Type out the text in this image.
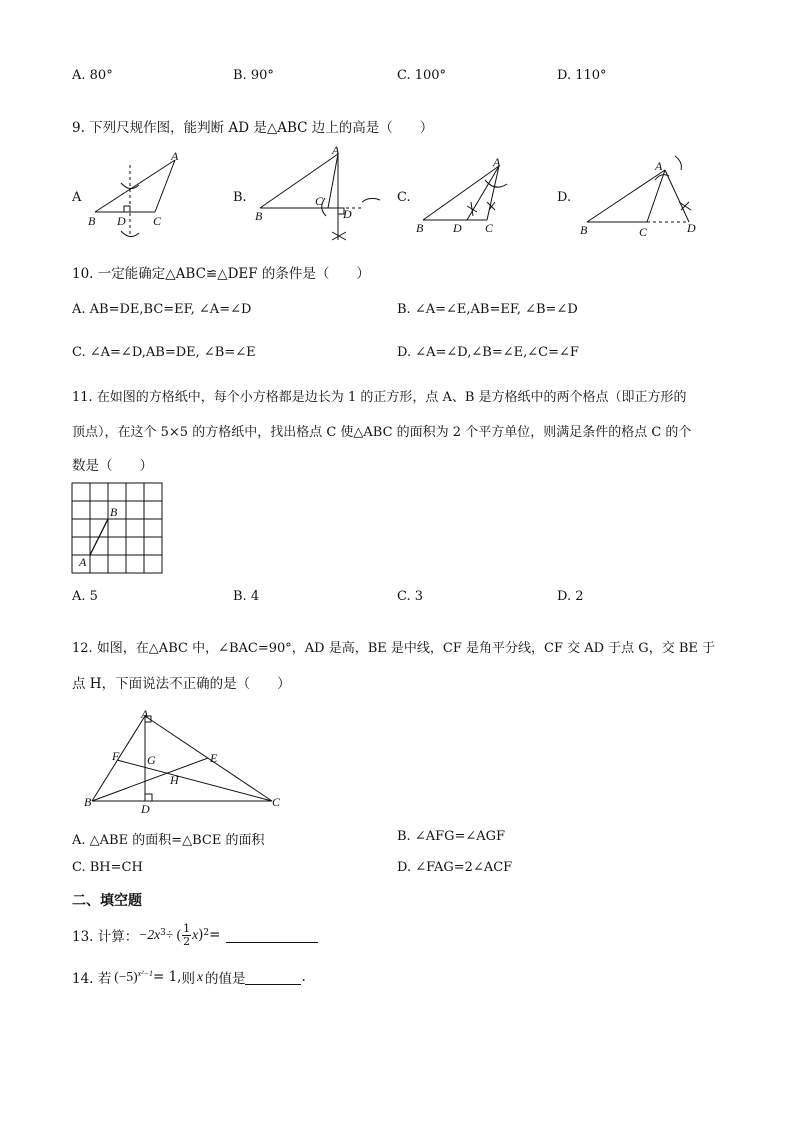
A. 80°	B. 90°	C. 100°	D. 110°
9. 下列尺规作图，能判断 AD 是△ABC 边上的高是（　　）
A	B.	C.	D.
A
B D C
A
B
C
D
A
B D C
A
B	C	D
10. 一定能确定△ABC≌△DEF 的条件是（　　）
A. AB=DE,BC=EF, ∠A=∠D	B. ∠A=∠E,AB=EF, ∠B=∠D
C. ∠A=∠D,AB=DE, ∠B=∠E	D. ∠A=∠D,∠B=∠E,∠C=∠F
11. 在如图的方格纸中，每个小方格都是边长为 1 的正方形，点 A、B 是方格纸中的两个格点（即正方形的
顶点），在这个 5×5 的方格纸中，找出格点 C 使△ABC 的面积为 2 个平方单位，则满足条件的格点 C 的个
数是（　　）
B
A
A. 5	B. 4	C. 3	D. 2
12. 如图，在△ABC 中，∠BAC=90°，AD 是高，BE 是中线，CF 是角平分线，CF 交 AD 于点 G，交 BE 于
点 H，下面说法不正确的是（　　）
A
B	C
D
E
F G
H
A. △ABE 的面积=△BCE 的面积	B. ∠AFG=∠AGF
C. BH=CH	D. ∠FAG=2∠ACF
二、填空题
13. 计算： $-2x^3$ ÷ ( 1
2 x )$^2$ =
14. 若 $(-5)^{x^2-1} = 1$, 则 x 的值是	.
